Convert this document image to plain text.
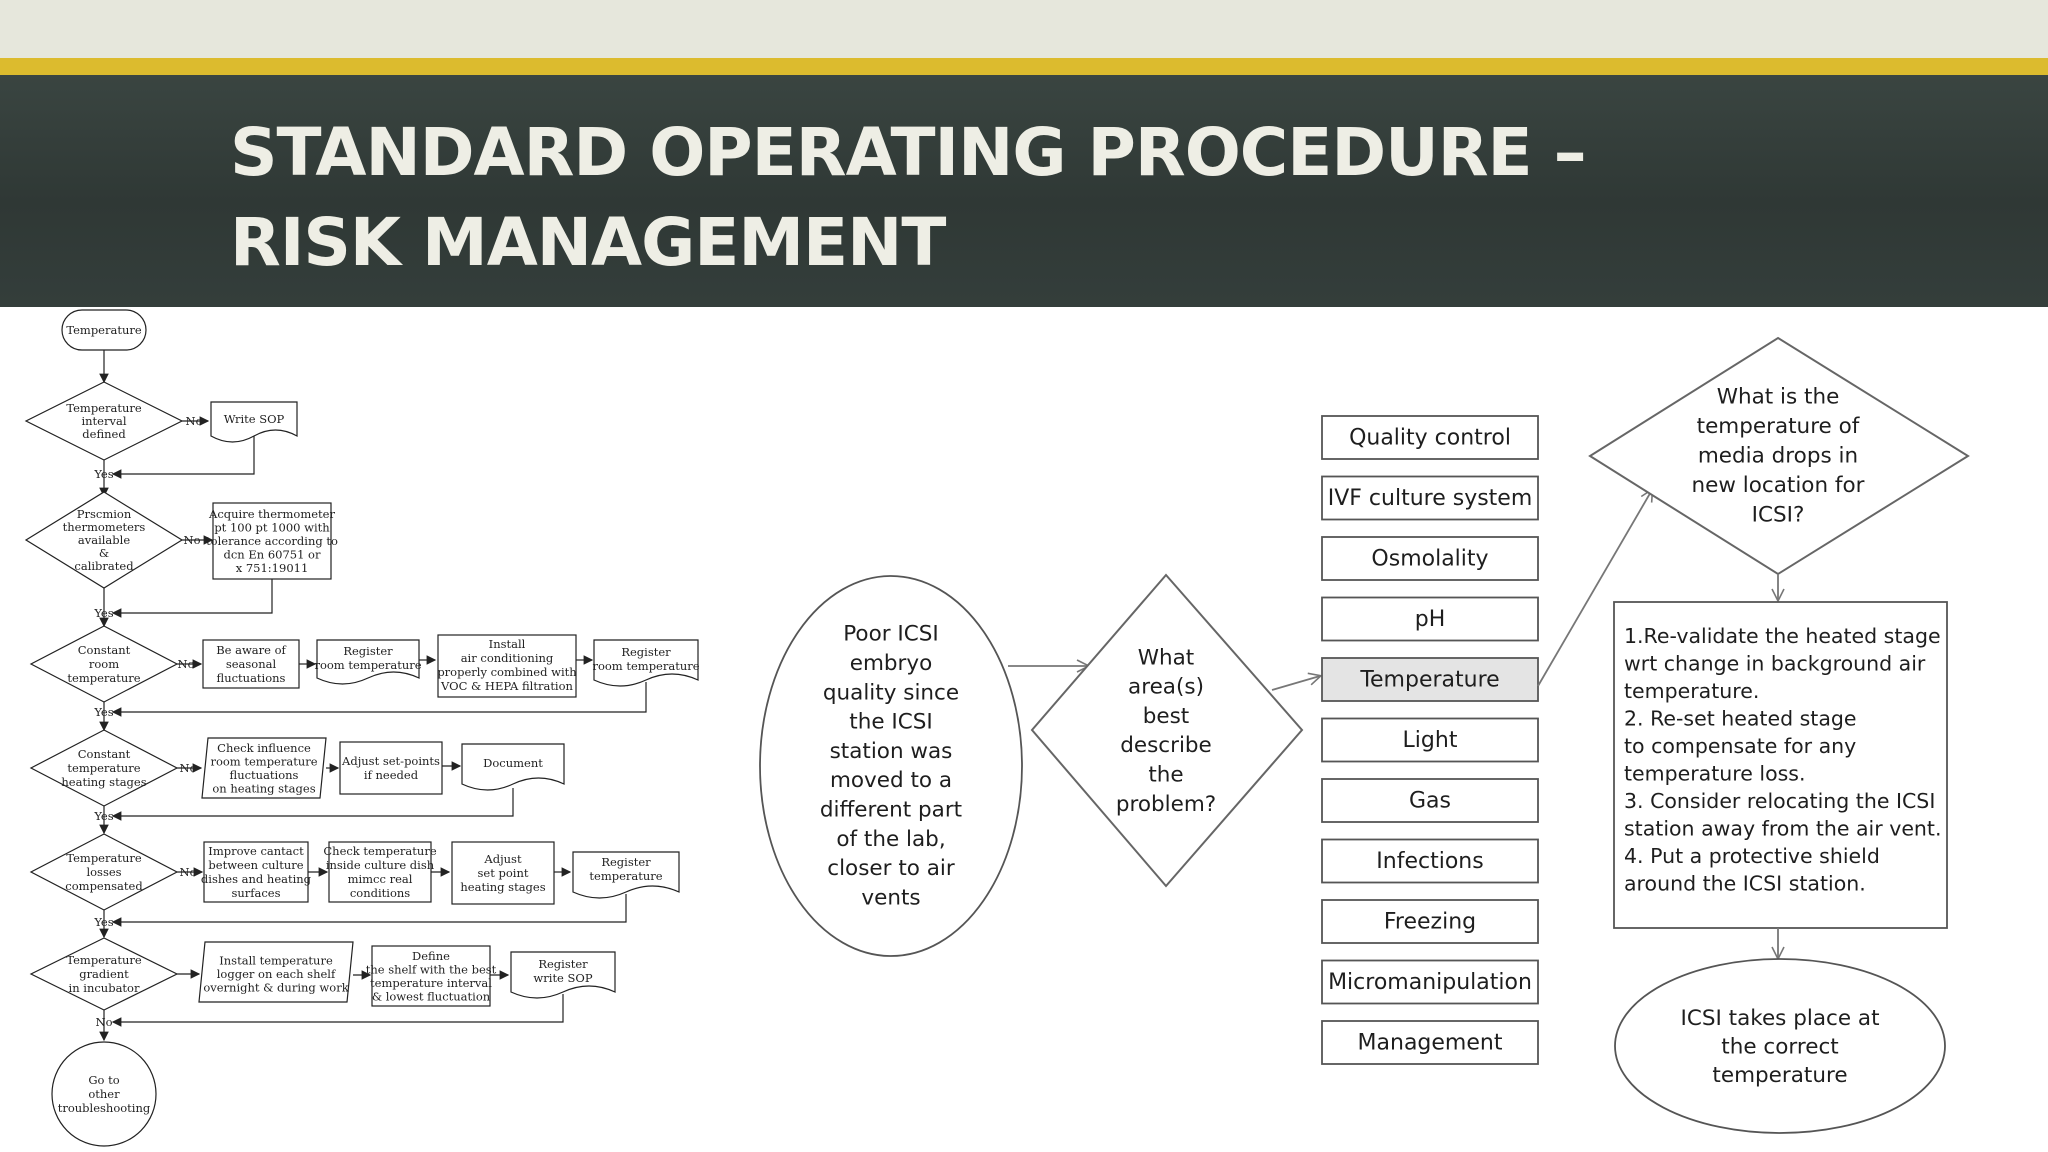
STANDARD OPERATING PROCEDURE –
RISK MANAGEMENT
Temperature
Temperature interval defined
No Write SOP
Yes
Prscmion thermometers available & calibrated
No
Acquire thermometer pt 100 pt 1000 with tolerance according to dcn En 60751 or x 751:19011
Yes
Constant room temperature
No
Be aware of seasonal fluctuations
Register room temperature
Install air conditioning properly combined with VOC & HEPA filtration
Register room temperature
Yes
Constant temperature heating stages
No
Check influence room temperature fluctuations on heating stages
Adjust set-points if needed
Document
Yes
Temperature losses compensated
No
Improve cantact between culture dishes and heating surfaces
Check temperature inside culture dish mimcc real conditions
Adjust set point heating stages
Register temperature
Yes
Temperature gradient in incubator
Install temperature logger on each shelf overnight & during work
Define the shelf with the best temperature interval & lowest fluctuation
Register write SOP
No
Go to other troubleshooting
Poor ICSI embryo quality since the ICSI station was moved to a different part of the lab, closer to air vents
What area(s) best describe the problem?
Quality control
IVF culture system
Osmolality
pH
Temperature
Light
Gas
Infections
Freezing
Micromanipulation
Management
What is the temperature of media drops in new location for ICSI?
1.Re-validate the heated stage wrt change in background air temperature. 2. Re-set heated stage to compensate for any temperature loss. 3. Consider relocating the ICSI station away from the air vent. 4. Put a protective shield around the ICSI station.
ICSI takes place at the correct temperature
